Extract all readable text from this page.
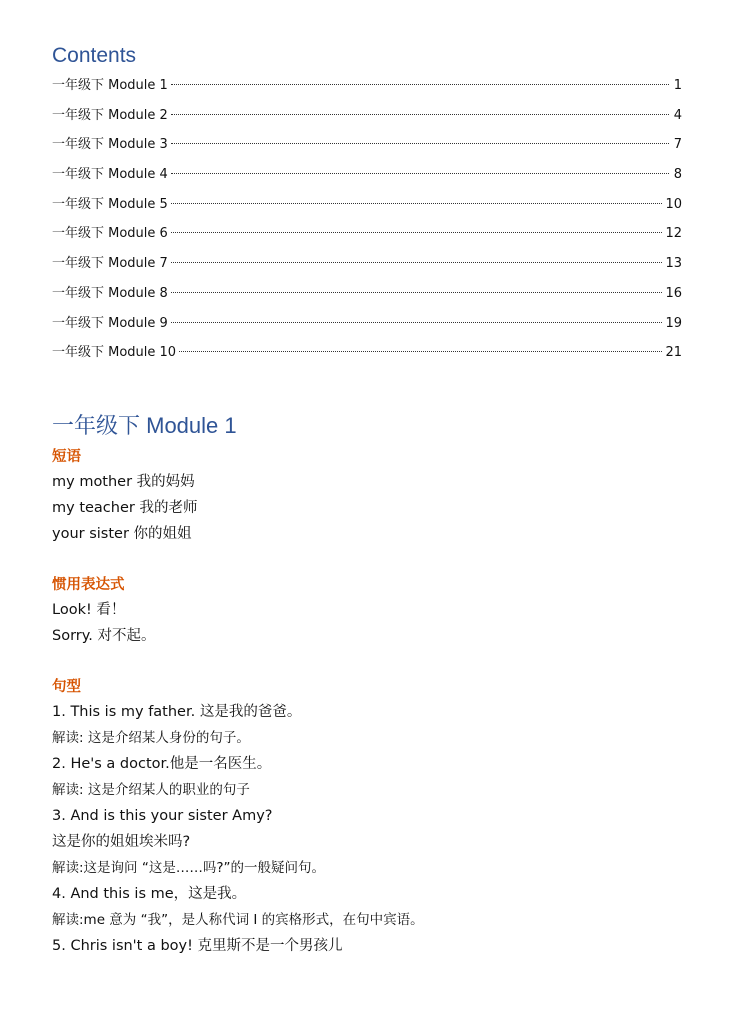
Contents
一年级下 Module 1	1
一年级下 Module 2	4
一年级下 Module 3	7
一年级下 Module 4	8
一年级下 Module 5	10
一年级下 Module 6	12
一年级下 Module 7	13
一年级下 Module 8	16
一年级下 Module 9	19
一年级下 Module 10	21
一年级下 Module 1
短语
my mother 我的妈妈
my teacher 我的老师
your sister 你的姐姐
惯用表达式
Look! 看！
Sorry. 对不起。
句型
1. This is my father. 这是我的爸爸。
解读: 这是介绍某人身份的句子。
2. He's a doctor.他是一名医生。
解读: 这是介绍某人的职业的句子
3. And is this your sister Amy?
这是你的姐姐埃米吗?
解读:这是询问 “这是……吗?”的一般疑问句。
4. And this is me，这是我。
解读:me 意为 “我”，是人称代词 I 的宾格形式，在句中宾语。
5. Chris isn't a boy! 克里斯不是一个男孩儿
